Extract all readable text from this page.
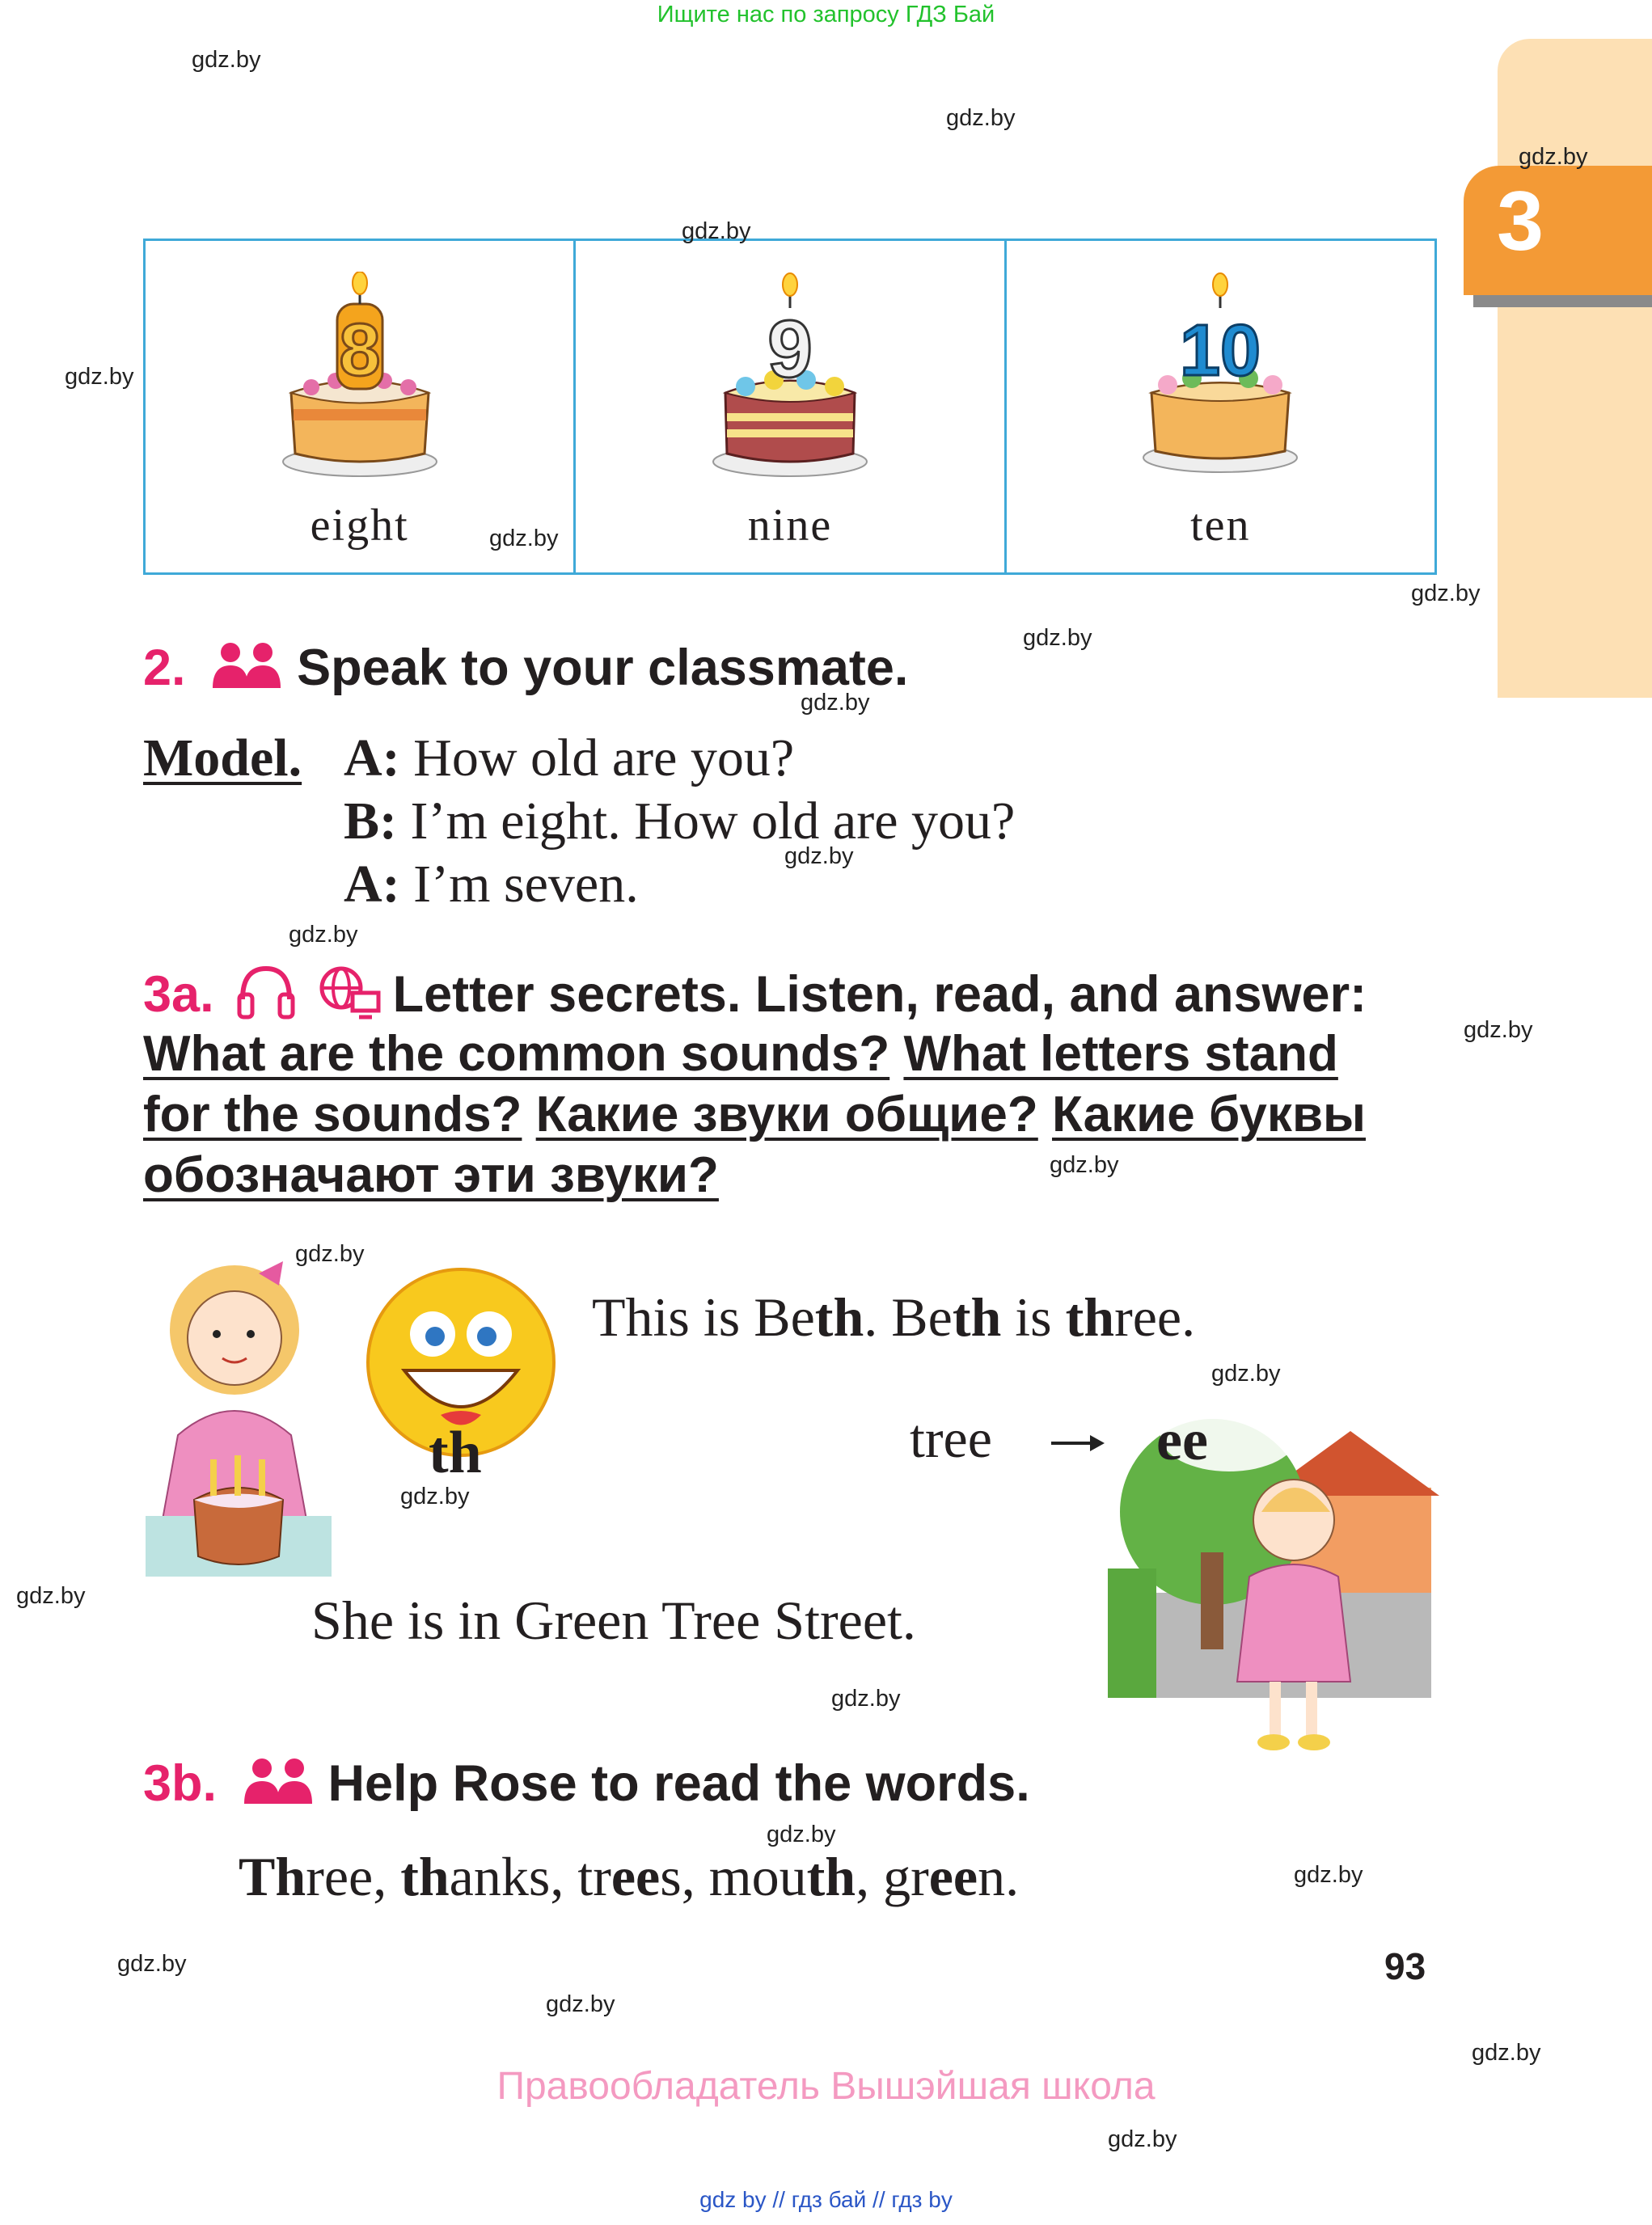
Ищите нас по запросу ГДЗ Бай
3
8
eight
9
nine
10
ten
2. Speak to your classmate.
Model. A: How old are you?
B: I’m eight. How old are you?
A: I’m seven.
3a.	Letter secrets. Listen, read, and answer:
What are the common sounds? What letters stand
for the sounds? Какие звуки общие? Какие буквы
обозначают эти звуки?
th
This is Beth. Beth is three.
tree	ee
She is in Green Tree Street.
3b. Help Rose to read the words.
Three, thanks, trees, mouth, green.
93
Правообладатель Вышэйшая школа
gdz by // гдз бай // гдз by
gdz.by
gdz.by
gdz.by
gdz.by
gdz.by
gdz.by
gdz.by
gdz.by
gdz.by
gdz.by
gdz.by
gdz.by
gdz.by
gdz.by
gdz.by
gdz.by
gdz.by
gdz.by
gdz.by
gdz.by
gdz.by
gdz.by
gdz.by
gdz.by
